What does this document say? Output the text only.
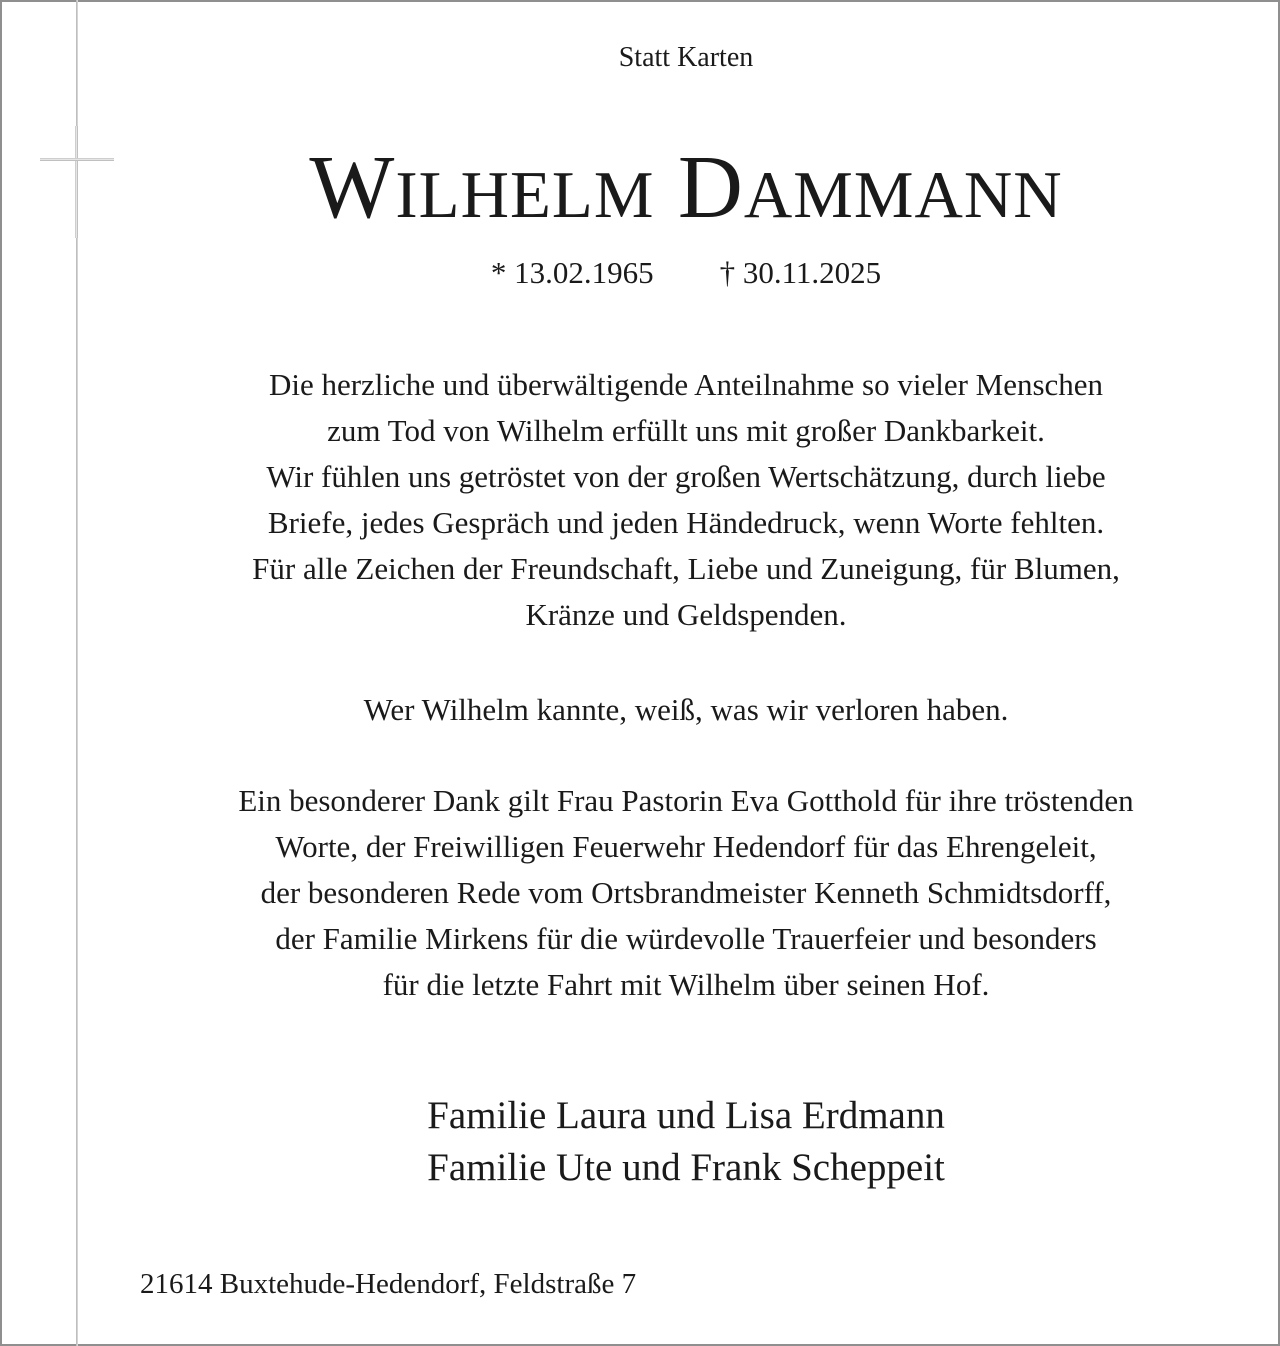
Statt Karten
WILHELM DAMMANN
* 13.02.1965 † 30.11.2025
Die herzliche und überwältigende Anteilnahme so vieler Menschen
zum Tod von Wilhelm erfüllt uns mit großer Dankbarkeit.
Wir fühlen uns getröstet von der großen Wertschätzung, durch liebe
Briefe, jedes Gespräch und jeden Händedruck, wenn Worte fehlten.
Für alle Zeichen der Freundschaft, Liebe und Zuneigung, für Blumen,
Kränze und Geldspenden.
Wer Wilhelm kannte, weiß, was wir verloren haben.
Ein besonderer Dank gilt Frau Pastorin Eva Gotthold für ihre tröstenden
Worte, der Freiwilligen Feuerwehr Hedendorf für das Ehrengeleit,
der besonderen Rede vom Ortsbrandmeister Kenneth Schmidtsdorff,
der Familie Mirkens für die würdevolle Trauerfeier und besonders
für die letzte Fahrt mit Wilhelm über seinen Hof.
Familie Laura und Lisa Erdmann
Familie Ute und Frank Scheppeit
21614 Buxtehude-Hedendorf, Feldstraße 7
